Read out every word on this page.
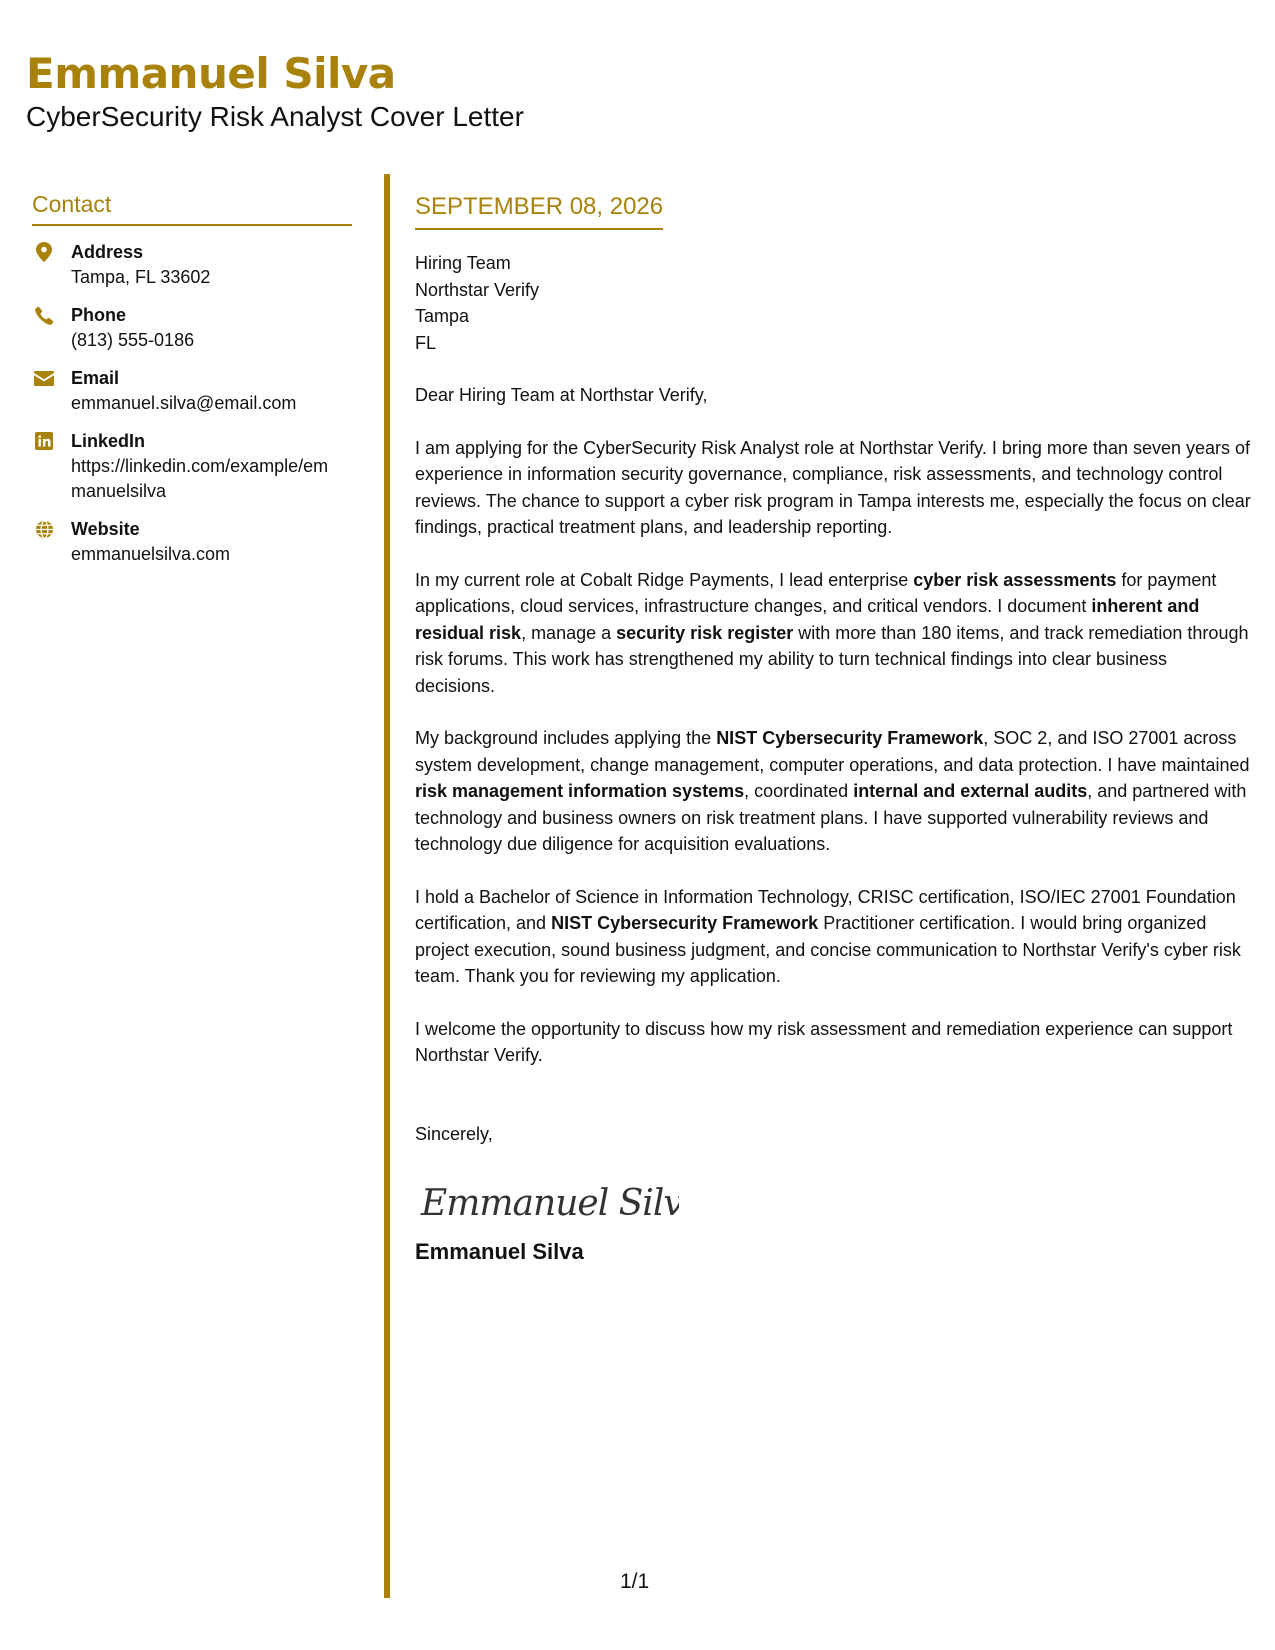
Emmanuel Silva
CyberSecurity Risk Analyst Cover Letter
Contact
Address
Tampa, FL 33602
Phone
(813) 555-0186
Email
emmanuel.silva@email.com
LinkedIn
https://linkedin.com/example/emmanuelsilva
Website
emmanuelsilva.com
SEPTEMBER 08, 2026
Hiring Team
Northstar Verify
Tampa
FL
Dear Hiring Team at Northstar Verify,
I am applying for the CyberSecurity Risk Analyst role at Northstar Verify. I bring more than seven years of experience in information security governance, compliance, risk assessments, and technology control reviews. The chance to support a cyber risk program in Tampa interests me, especially the focus on clear findings, practical treatment plans, and leadership reporting.
In my current role at Cobalt Ridge Payments, I lead enterprise cyber risk assessments for payment applications, cloud services, infrastructure changes, and critical vendors. I document inherent and residual risk, manage a security risk register with more than 180 items, and track remediation through risk forums. This work has strengthened my ability to turn technical findings into clear business decisions.
My background includes applying the NIST Cybersecurity Framework, SOC 2, and ISO 27001 across system development, change management, computer operations, and data protection. I have maintained risk management information systems, coordinated internal and external audits, and partnered with technology and business owners on risk treatment plans. I have supported vulnerability reviews and technology due diligence for acquisition evaluations.
I hold a Bachelor of Science in Information Technology, CRISC certification, ISO/IEC 27001 Foundation certification, and NIST Cybersecurity Framework Practitioner certification. I would bring organized project execution, sound business judgment, and concise communication to Northstar Verify's cyber risk team. Thank you for reviewing my application.
I welcome the opportunity to discuss how my risk assessment and remediation experience can support Northstar Verify.
Sincerely,
Emmanuel Silva
Emmanuel Silva
1/1
